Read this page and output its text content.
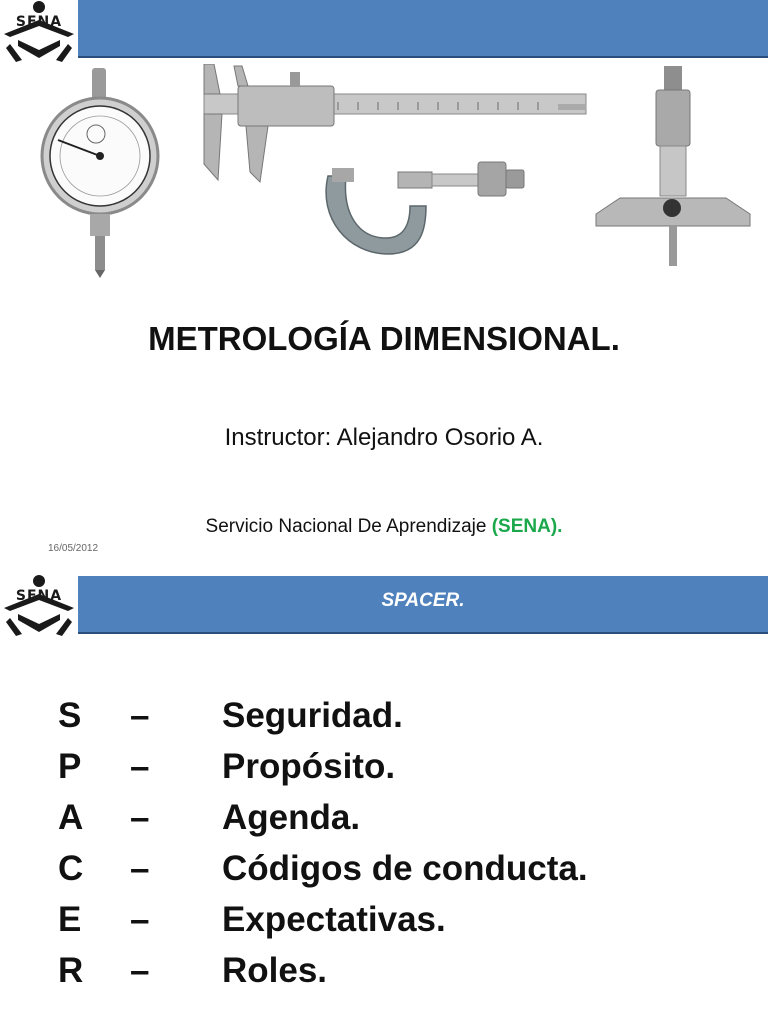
SENA
METROLOGÍA DIMENSIONAL.
Instructor: Alejandro Osorio A.
Servicio Nacional De Aprendizaje (SENA).
16/05/2012
SPACER.
SENA
S – Seguridad.
P – Propósito.
A – Agenda.
C – Códigos de conducta.
E – Expectativas.
R – Roles.
